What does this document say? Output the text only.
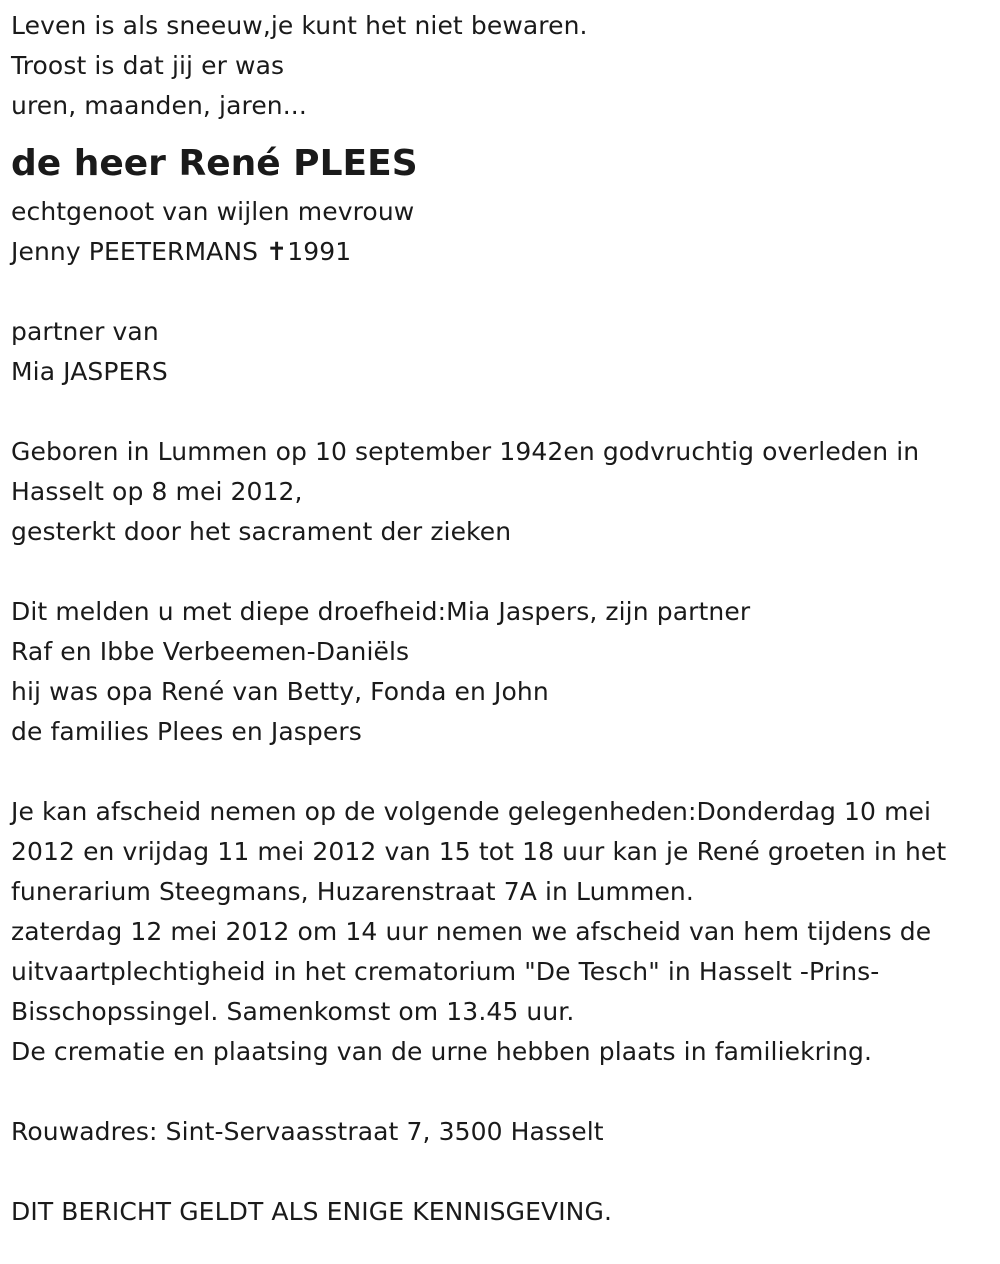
Leven is als sneeuw,je kunt het niet bewaren.
Troost is dat jij er was
uren, maanden, jaren...
de heer René PLEES
echtgenoot van wijlen mevrouw
Jenny PEETERMANS ✝1991
partner van
Mia JASPERS
Geboren in Lummen op 10 september 1942en godvruchtig overleden in
Hasselt op 8 mei 2012,
gesterkt door het sacrament der zieken
Dit melden u met diepe droefheid:Mia Jaspers, zijn partner
Raf en Ibbe Verbeemen-Daniëls
hij was opa René van Betty, Fonda en John
de families Plees en Jaspers
Je kan afscheid nemen op de volgende gelegenheden:Donderdag 10 mei
2012 en vrijdag 11 mei 2012 van 15 tot 18 uur kan je René groeten in het
funerarium Steegmans, Huzarenstraat 7A in Lummen.
zaterdag 12 mei 2012 om 14 uur nemen we afscheid van hem tijdens de
uitvaartplechtigheid in het crematorium "De Tesch" in Hasselt -Prins-
Bisschopssingel. Samenkomst om 13.45 uur.
De crematie en plaatsing van de urne hebben plaats in familiekring.
Rouwadres: Sint-Servaasstraat 7, 3500 Hasselt
DIT BERICHT GELDT ALS ENIGE KENNISGEVING.
